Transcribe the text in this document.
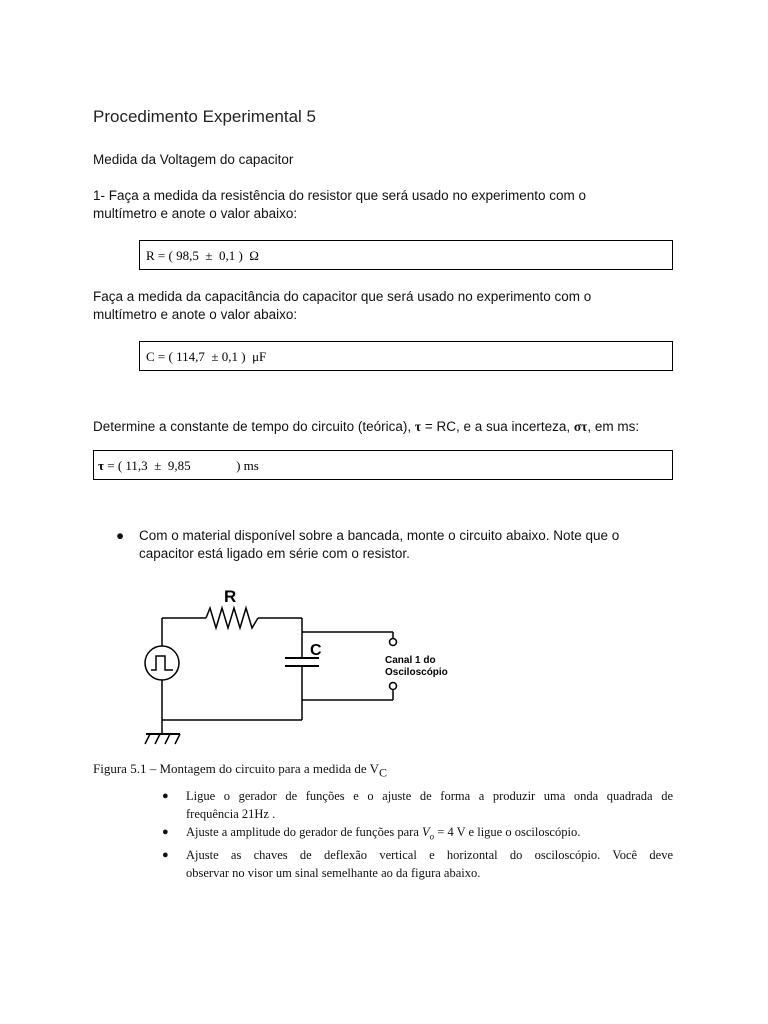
Procedimento Experimental 5
Medida da Voltagem do capacitor
1- Faça a medida da resistência do resistor que será usado no experimento com o
multímetro e anote o valor abaixo:
R = ( 98,5  ±  0,1 )  Ω
Faça a medida da capacitância do capacitor que será usado no experimento com o
multímetro e anote o valor abaixo:
C = ( 114,7  ± 0,1 )  μF
Determine a constante de tempo do circuito (teórica), τ = RC, e a sua incerteza, στ, em ms:
τ = ( 11,3  ±  9,85              ) ms
● Com o material disponível sobre a bancada, monte o circuito abaixo. Note que o
capacitor está ligado em série com o resistor.
R
C
Canal 1 do
Osciloscópio
Figura 5.1 – Montagem do circuito para a medida de $V_C$
● Ligue o gerador de funções e o ajuste de forma a produzir uma onda quadrada de
frequência 21Hz .
● Ajuste a amplitude do gerador de funções para $V_o = 4$ V e ligue o osciloscópio.
● Ajuste as chaves de deflexão vertical e horizontal do osciloscópio. Você deve
observar no visor um sinal semelhante ao da figura abaixo.
